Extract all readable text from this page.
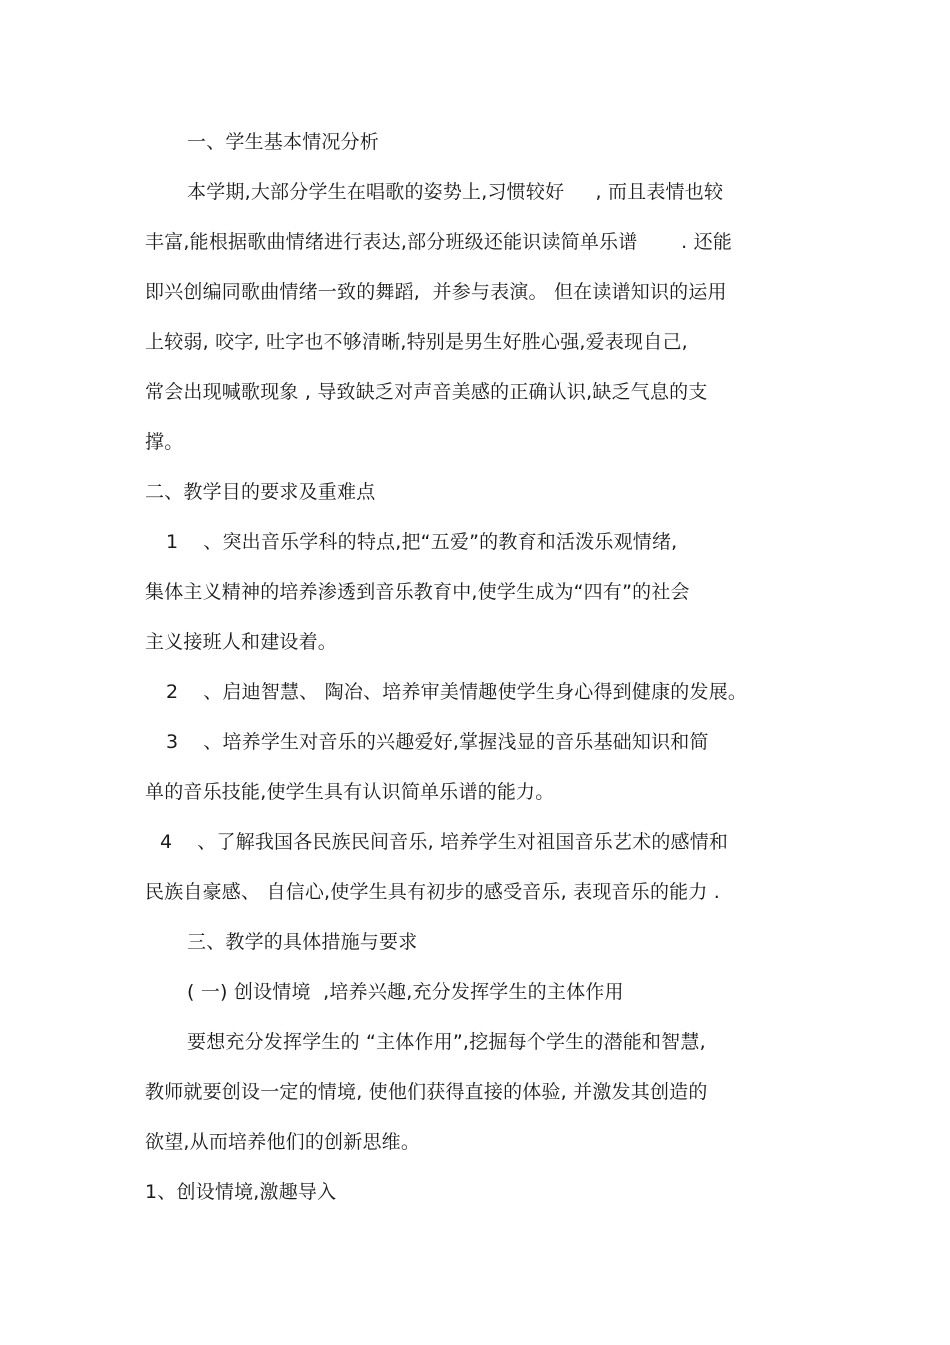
一、学生基本情况分析
本学期,大部分学生在唱歌的姿势上,习惯较好     , 而且表情也较
丰富,能根据歌曲情绪进行表达,部分班级还能识读简单乐谱       . 还能
即兴创编同歌曲情绪一致的舞蹈,  并参与表演。 但在读谱知识的运用
上较弱, 咬字, 吐字也不够清晰,特别是男生好胜心强,爱表现自己,
常会出现喊歌现象 , 导致缺乏对声音美感的正确认识,缺乏气息的支
撑。
二、教学目的要求及重难点
1    、突出音乐学科的特点,把“五爱”的教育和活泼乐观情绪,
集体主义精神的培养渗透到音乐教育中,使学生成为“四有”的社会
主义接班人和建设着。
2    、启迪智慧、 陶冶、培养审美情趣使学生身心得到健康的发展。
3    、培养学生对音乐的兴趣爱好,掌握浅显的音乐基础知识和简
单的音乐技能,使学生具有认识简单乐谱的能力。
4    、了解我国各民族民间音乐, 培养学生对祖国音乐艺术的感情和
民族自豪感、 自信心,使学生具有初步的感受音乐, 表现音乐的能力 .
三、教学的具体措施与要求
( 一) 创设情境  ,培养兴趣,充分发挥学生的主体作用
要想充分发挥学生的 “主体作用”,挖掘每个学生的潜能和智慧,
教师就要创设一定的情境, 使他们获得直接的体验, 并激发其创造的
欲望,从而培养他们的创新思维。
1、创设情境,激趣导入
